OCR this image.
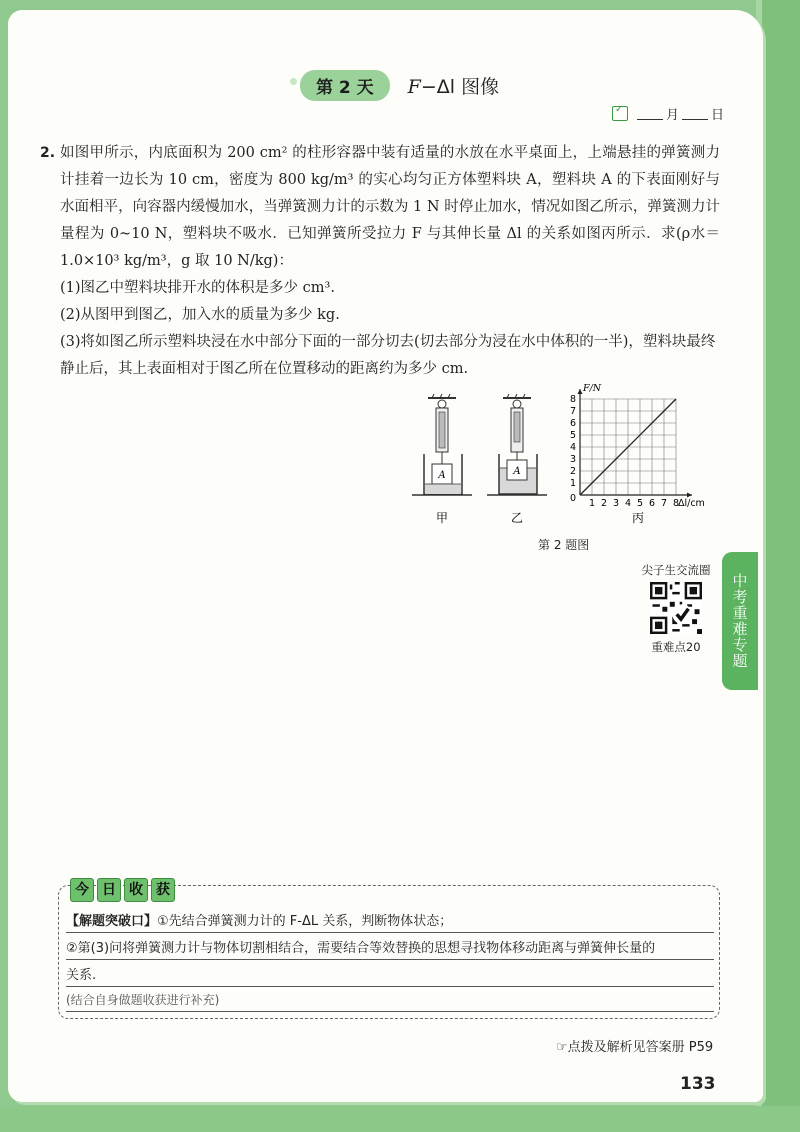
第 2 天	F−Δl 图像
✓
月 日
2. 如图甲所示，内底面积为 200 cm² 的柱形容器中装有适量的水放在水平桌面上，上端悬挂的弹簧测力计挂着一边长为 10 cm，密度为 800 kg/m³ 的实心均匀正方体塑料块 A，塑料块 A 的下表面刚好与水面相平，向容器内缓慢加水，当弹簧测力计的示数为 1 N 时停止加水，情况如图乙所示，弹簧测力计量程为 0~10 N，塑料块不吸水．已知弹簧所受拉力 F 与其伸长量 Δl 的关系如图丙所示．求(ρ水＝1.0×10³ kg/m³，g 取 10 N/kg)：

(1)图乙中塑料块排开水的体积是多少 cm³.

(2)从图甲到图乙，加入水的质量为多少 kg.

(3)将如图乙所示塑料块浸在水中部分下面的一部分切去(切去部分为浸在水中体积的一半)，塑料块最终静止后，其上表面相对于图乙所在位置移动的距离约为多少 cm.

A
甲
A
乙
1 2 3 4 5 6 7 8
1
2
3
4
5
6
7
8
0
F/N
Δl/cm
丙
第 2 题图
尖子生交流圈
重难点20	中考重难专题
今 日 收 获
【解题突破口】①先结合弹簧测力计的 F-ΔL 关系，判断物体状态；
②第(3)问将弹簧测力计与物体切割相结合，需要结合等效替换的思想寻找物体移动距离与弹簧伸长量的
关系.
(结合自身做题收获进行补充)
☞点拨及解析见答案册 P59
133
